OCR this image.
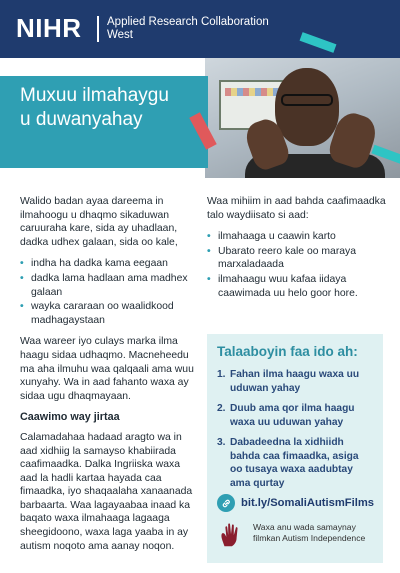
NIHR Applied Research Collaboration
West
Muxuu ilmahaygu
u duwanyahay

Walido badan ayaa dareema in ilmahoogu u dhaqmo sikaduwan caruuraha kare, sida ay uhadlaan, dadka udhex galaan, sida oo kale,

• indha ha dadka kama eegaan
• dadka lama hadlaan ama madhex galaan
• wayka cararaan oo waalidkood madhagaystaan

Waa wareer iyo culays marka ilma haagu sidaa udhaqmo. Macneheedu ma aha ilmuhu waa qalqaali ama wuu xunyahy. Wa in aad fahanto waxa ay sidaa ugu dhaqmayaan.

Caawimo way jirtaa

Calamadahaa hadaad aragto wa in aad xidhiig la samayso khabiirada caafimaadka. Dalka Ingriiska waxa aad la hadli kartaa hayada caa fimaadka, iyo shaqaalaha xanaanada barbaarta. Waa lagayaabaa inaad ka baqato waxa ilmahaaga lagaaga sheegidoono, waxa laga yaaba in ay autism noqoto ama aanay noqon.

Waa mihiim in aad bahda caafimaadka talo waydiisato si aad:

• ilmahaaga u caawin karto
• Ubarato reero kale oo maraya marxaladaada
• ilmahaagu wuu kafaa iidaya caawimada uu helo goor hore.
Talaaboyin faa ido ah:
1. Fahan ilma haagu waxa uu uduwan yahay
2. Duub ama qor ilma haagu waxa uu uduwan yahay
3. Dabadeedna la xidhiidh bahda caa fimaadka, asiga oo tusaya waxa aadubtay ama qurtay
bit.ly/SomaliAutismFilms
Waxa anu wada samaynay filmkan Autism Independence
